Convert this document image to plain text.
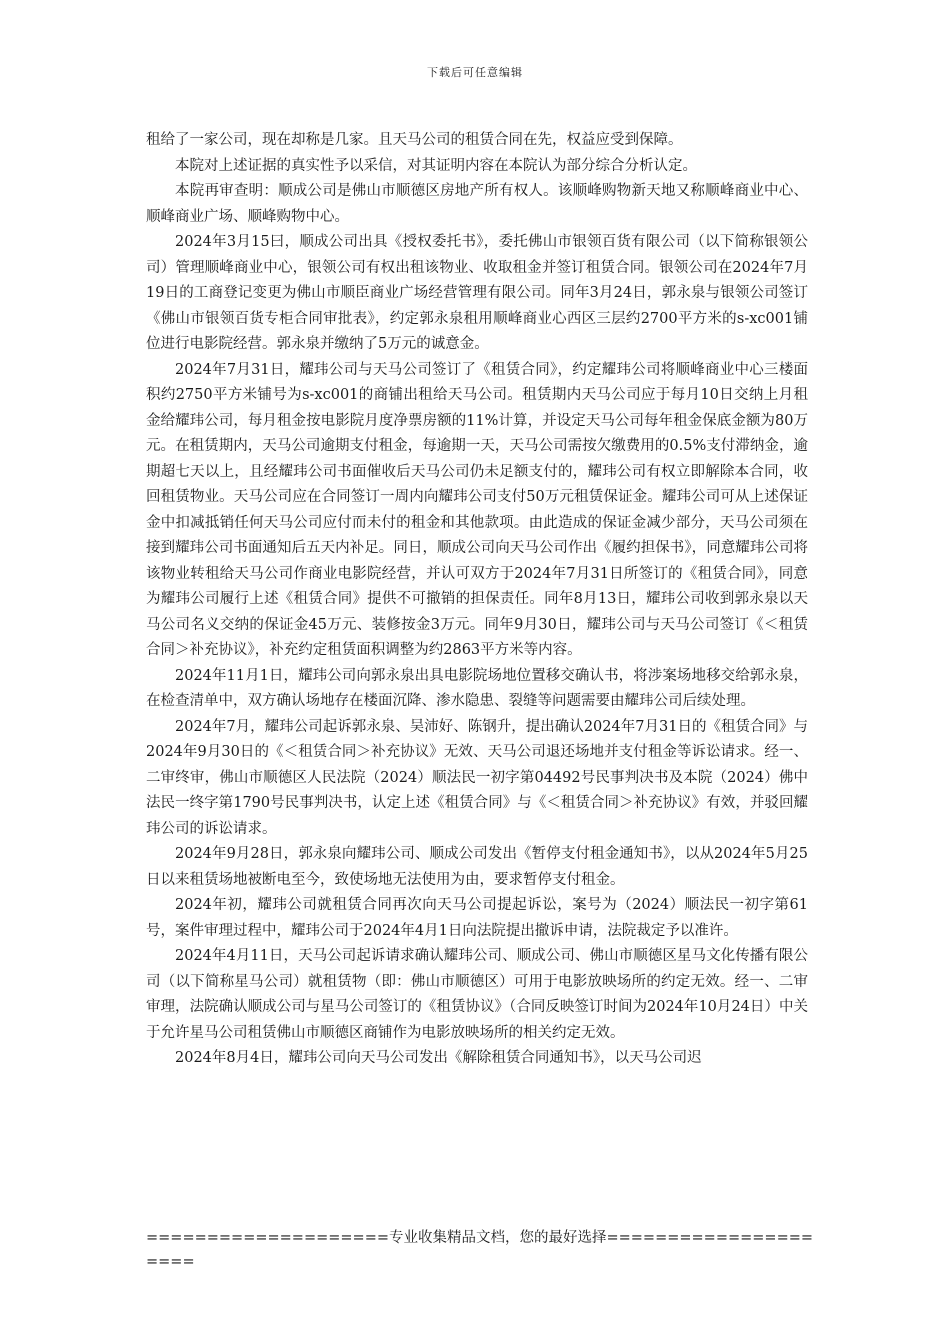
下载后可任意编辑

租给了一家公司，现在却称是几家。且天马公司的租赁合同在先，权益应受到保障。

本院对上述证据的真实性予以采信，对其证明内容在本院认为部分综合分析认定。

本院再审查明：顺成公司是佛山市顺德区房地产所有权人。该顺峰购物新天地又称顺峰商业中心、顺峰商业广场、顺峰购物中心。

2024年3月15曰，顺成公司出具《授权委托书》，委托佛山市银领百货有限公司（以下简称银领公司）管理顺峰商业中心，银领公司有权出租该物业、收取租金并签订租赁合同。银领公司在2024年7月19日的工商登记变更为佛山市顺臣商业广场经营管理有限公司。同年3月24日，郭永泉与银领公司签订《佛山市银领百货专柜合同审批表》，约定郭永泉租用顺峰商业心西区三层约2700平方米的s-xc001铺位进行电影院经营。郭永泉并缴纳了5万元的诚意金。

2024年7月31日，耀玮公司与天马公司签订了《租赁合同》，约定耀玮公司将顺峰商业中心三楼面积约2750平方米铺号为s-xc001的商铺出租给天马公司。租赁期内天马公司应于每月10日交纳上月租金给耀玮公司，每月租金按电影院月度净票房额的11%计算，并设定天马公司每年租金保底金额为80万元。在租赁期内，天马公司逾期支付租金，每逾期一天，天马公司需按欠缴费用的0.5%支付滞纳金，逾期超七天以上，且经耀玮公司书面催收后天马公司仍未足额支付的，耀玮公司有权立即解除本合同，收回租赁物业。天马公司应在合同签订一周内向耀玮公司支付50万元租赁保证金。耀玮公司可从上述保证金中扣减抵销任何天马公司应付而未付的租金和其他款项。由此造成的保证金减少部分，天马公司须在接到耀玮公司书面通知后五天内补足。同日，顺成公司向天马公司作出《履约担保书》，同意耀玮公司将该物业转租给天马公司作商业电影院经营，并认可双方于2024年7月31日所签订的《租赁合同》，同意为耀玮公司履行上述《租赁合同》提供不可撤销的担保责任。同年8月13日，耀玮公司收到郭永泉以天马公司名义交纳的保证金45万元、装修按金3万元。同年9月30日，耀玮公司与天马公司签订《＜租赁合同＞补充协议》，补充约定租赁面积调整为约2863平方米等内容。

2024年11月1日，耀玮公司向郭永泉出具电影院场地位置移交确认书，将涉案场地移交给郭永泉，在检查清单中，双方确认场地存在楼面沉降、渗水隐患、裂缝等问题需要由耀玮公司后续处理。

2024年7月，耀玮公司起诉郭永泉、吴沛好、陈钢升，提出确认2024年7月31日的《租赁合同》与2024年9月30日的《＜租赁合同＞补充协议》无效、天马公司退还场地并支付租金等诉讼请求。经一、二审终审，佛山市顺德区人民法院（2024）顺法民一初字第04492号民事判决书及本院（2024）佛中法民一终字第1790号民事判决书，认定上述《租赁合同》与《＜租赁合同＞补充协议》有效，并驳回耀玮公司的诉讼请求。

2024年9月28日，郭永泉向耀玮公司、顺成公司发出《暂停支付租金通知书》，以从2024年5月25日以来租赁场地被断电至今，致使场地无法使用为由，要求暂停支付租金。

2024年初，耀玮公司就租赁合同再次向天马公司提起诉讼，案号为（2024）顺法民一初字第61号，案件审理过程中，耀玮公司于2024年4月1日向法院提出撤诉申请，法院裁定予以准许。

2024年4月11日，天马公司起诉请求确认耀玮公司、顺成公司、佛山市顺德区星马文化传播有限公司（以下简称星马公司）就租赁物（即：佛山市顺德区）可用于电影放映场所的约定无效。经一、二审审理，法院确认顺成公司与星马公司签订的《租赁协议》（合同反映签订时间为2024年10月24日）中关于允许星马公司租赁佛山市顺德区商铺作为电影放映场所的相关约定无效。

2024年8月4日，耀玮公司向天马公司发出《解除租赁合同通知书》，以天马公司迟

====================专业收集精品文档，您的最好选择=====================
